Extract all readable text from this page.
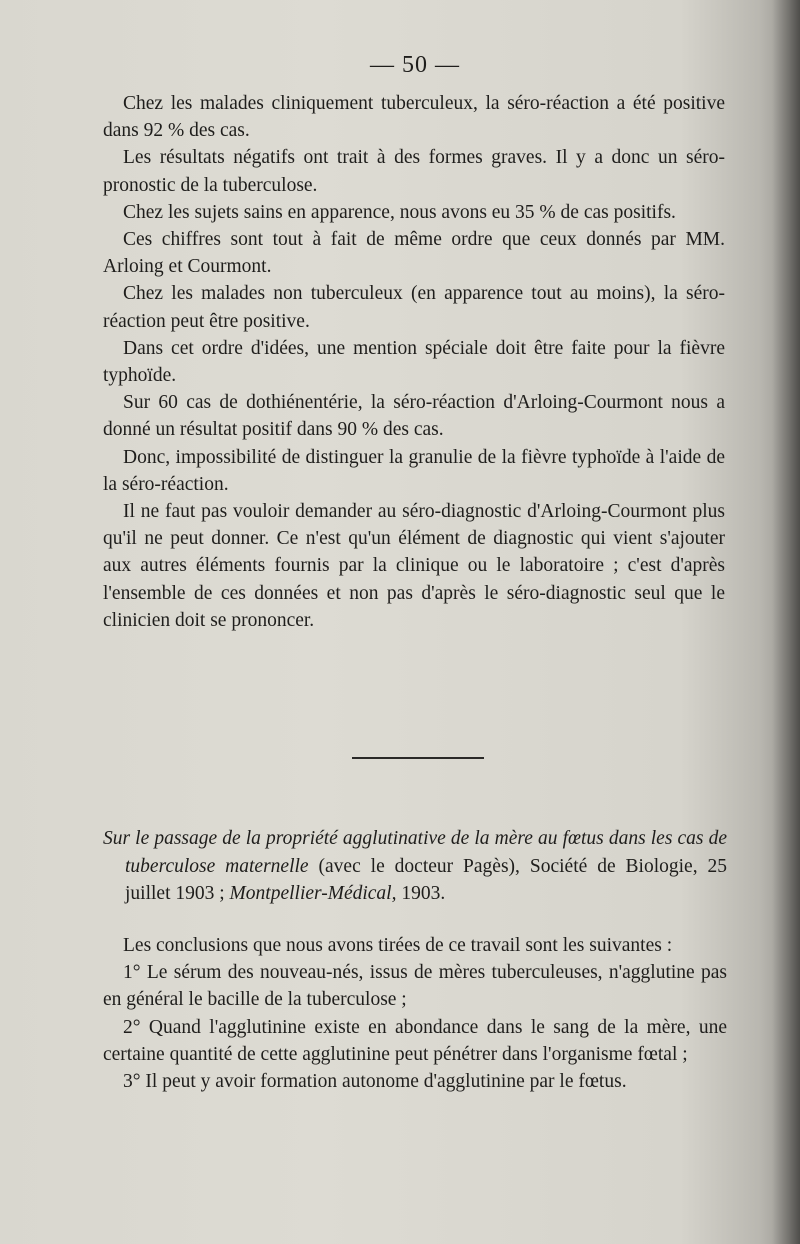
— 50 —

Chez les malades cliniquement tuberculeux, la séro-réaction a été positive dans 92 % des cas.

Les résultats négatifs ont trait à des formes graves. Il y a donc un séro-pronostic de la tuberculose.

Chez les sujets sains en apparence, nous avons eu 35 % de cas positifs.

Ces chiffres sont tout à fait de même ordre que ceux donnés par MM. Arloing et Courmont.

Chez les malades non tuberculeux (en apparence tout au moins), la séro-réaction peut être positive.

Dans cet ordre d'idées, une mention spéciale doit être faite pour la fièvre typhoïde.

Sur 60 cas de dothiénentérie, la séro-réaction d'Arloing-Courmont nous a donné un résultat positif dans 90 % des cas.

Donc, impossibilité de distinguer la granulie de la fièvre typhoïde à l'aide de la séro-réaction.

Il ne faut pas vouloir demander au séro-diagnostic d'Arloing-Courmont plus qu'il ne peut donner. Ce n'est qu'un élément de diagnostic qui vient s'ajouter aux autres éléments fournis par la clinique ou le laboratoire ; c'est d'après l'ensemble de ces données et non pas d'après le séro-diagnostic seul que le clinicien doit se prononcer.

Sur le passage de la propriété agglutinative de la mère au fœtus dans les cas de tuberculose maternelle (avec le docteur Pagès), Société de Biologie, 25 juillet 1903 ; Montpellier-Médical, 1903.

Les conclusions que nous avons tirées de ce travail sont les suivantes :

1° Le sérum des nouveau-nés, issus de mères tuberculeuses, n'agglutine pas en général le bacille de la tuberculose ;

2° Quand l'agglutinine existe en abondance dans le sang de la mère, une certaine quantité de cette agglutinine peut pénétrer dans l'organisme fœtal ;

3° Il peut y avoir formation autonome d'agglutinine par le fœtus.
